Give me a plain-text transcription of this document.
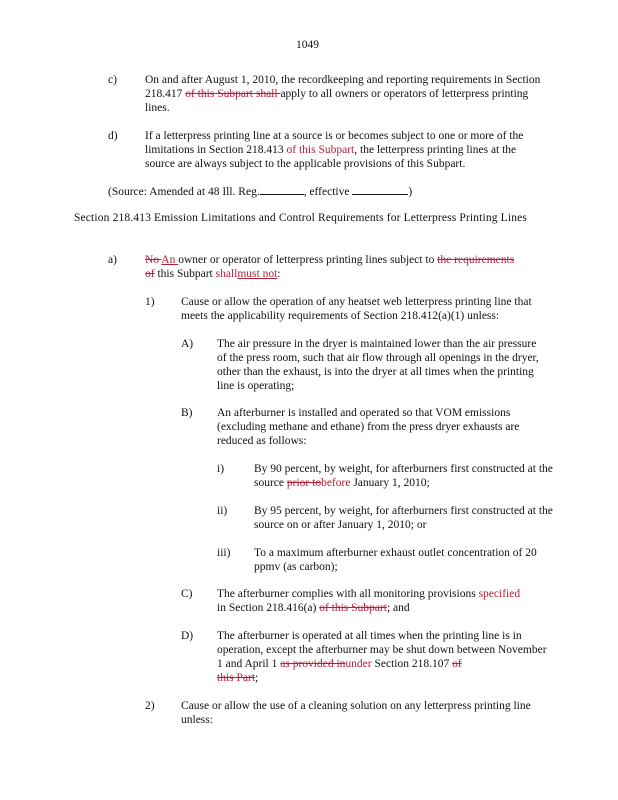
1049
c) On and after August 1, 2010, the recordkeeping and reporting requirements in Section 218.417 of this Subpart shall apply to all owners or operators of letterpress printing lines.
d) If a letterpress printing line at a source is or becomes subject to one or more of the limitations in Section 218.413 of this Subpart, the letterpress printing lines at the source are always subject to the applicable provisions of this Subpart.
(Source: Amended at 48 Ill. Reg.	, effective	)
Section 218.413 Emission Limitations and Control Requirements for Letterpress Printing Lines
a) No An owner or operator of letterpress printing lines subject to the requirements
of this Subpart shallmust not:
1) Cause or allow the operation of any heatset web letterpress printing line that meets the applicability requirements of Section 218.412(a)(1) unless:
A) The air pressure in the dryer is maintained lower than the air pressure of the press room, such that air flow through all openings in the dryer, other than the exhaust, is into the dryer at all times when the printing line is operating;
B) An afterburner is installed and operated so that VOM emissions (excluding methane and ethane) from the press dryer exhausts are reduced as follows:
i)	By 90 percent, by weight, for afterburners first constructed at the source prior tobefore January 1, 2010;
ii) By 95 percent, by weight, for afterburners first constructed at the source on or after January 1, 2010; or
iii) To a maximum afterburner exhaust outlet concentration of 20 ppmv (as carbon);
C) The afterburner complies with all monitoring provisions specified
in Section 218.416(a) of this Subpart; and
D) The afterburner is operated at all times when the printing line is in operation, except the afterburner may be shut down between November 1 and April 1 as provided inunder Section 218.107 of
this Part;
2) Cause or allow the use of a cleaning solution on any letterpress printing line unless:
